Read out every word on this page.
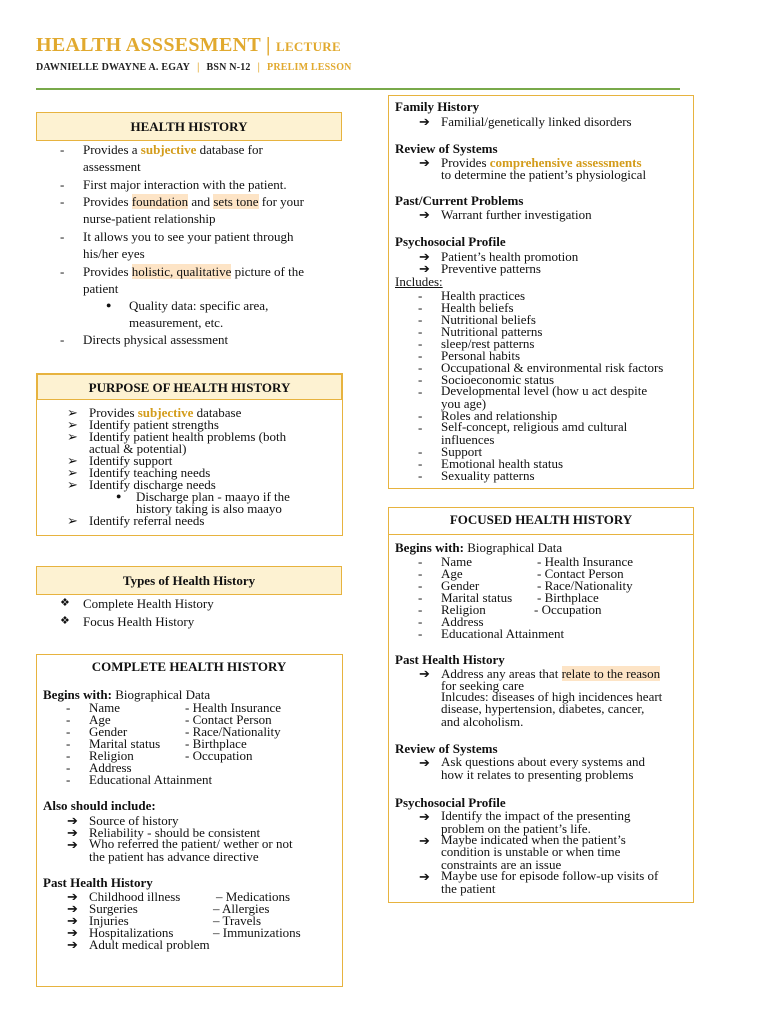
HEALTH ASSSESMENT | LECTURE
DAWNIELLE DWAYNE A. EGAY | BSN N-12 | PRELIM LESSON
HEALTH HISTORY
- Provides a subjective database for
assessment
- First major interaction with the patient.
- Provides foundation and sets tone for your
nurse-patient relationship
- It allows you to see your patient through
his/her eyes
- Provides holistic, qualitative picture of the
patient
● Quality data: specific area,
measurement, etc.
- Directs physical assessment
PURPOSE OF HEALTH HISTORY
➢ Provides subjective database
➢ Identify patient strengths
➢ Identify patient health problems (both
actual & potential)
➢ Identify support
➢ Identify teaching needs
➢ Identify discharge needs
● Discharge plan - maayo if the
history taking is also maayo
➢ Identify referral needs
Types of Health History
❖ Complete Health History
❖ Focus Health History
COMPLETE HEALTH HISTORY
Begins with: Biographical Data
- Name	- Health Insurance
- Age	- Contact Person
- Gender	- Race/Nationality
- Marital status - Birthplace
- Religion	- Occupation
- Address
- Educational Attainment
Also should include:
➔ Source of history
➔ Reliability - should be consistent
➔ Who referred the patient/ wether or not
the patient has advance directive
Past Health History
➔ Childhood illness	– Medications
➔ Surgeries	– Allergies
➔ Injuries	– Travels
➔ Hospitalizations	– Immunizations
➔ Adult medical problem
Family History
➔ Familial/genetically linked disorders
Review of Systems
➔ Provides comprehensive assessments
to determine the patient’s physiological
Past/Current Problems
➔ Warrant further investigation
Psychosocial Profile
➔ Patient’s health promotion
➔ Preventive patterns
Includes:
- Health practices
- Health beliefs
- Nutritional beliefs
- Nutritional patterns
- sleep/rest patterns
- Personal habits
- Occupational & environmental risk factors
- Socioeconomic status
- Developmental level (how u act despite
you age)
- Roles and relationship
- Self-concept, religious amd cultural
influences
- Support
- Emotional health status
- Sexuality patterns
FOCUSED HEALTH HISTORY
Begins with: Biographical Data
- Name	- Health Insurance
- Age	- Contact Person
- Gender	- Race/Nationality
- Marital status - Birthplace
- Religion	- Occupation
- Address
- Educational Attainment
Past Health History
➔ Address any areas that relate to the reason
for seeking care
Inlcudes: diseases of high incidences heart
disease, hypertension, diabetes, cancer,
and alcoholism.
Review of Systems
➔ Ask questions about every systems and
how it relates to presenting problems
Psychosocial Profile
➔ Identify the impact of the presenting
problem on the patient’s life.
➔ Maybe indicated when the patient’s
condition is unstable or when time
constraints are an issue
➔ Maybe use for episode follow-up visits of
the patient
